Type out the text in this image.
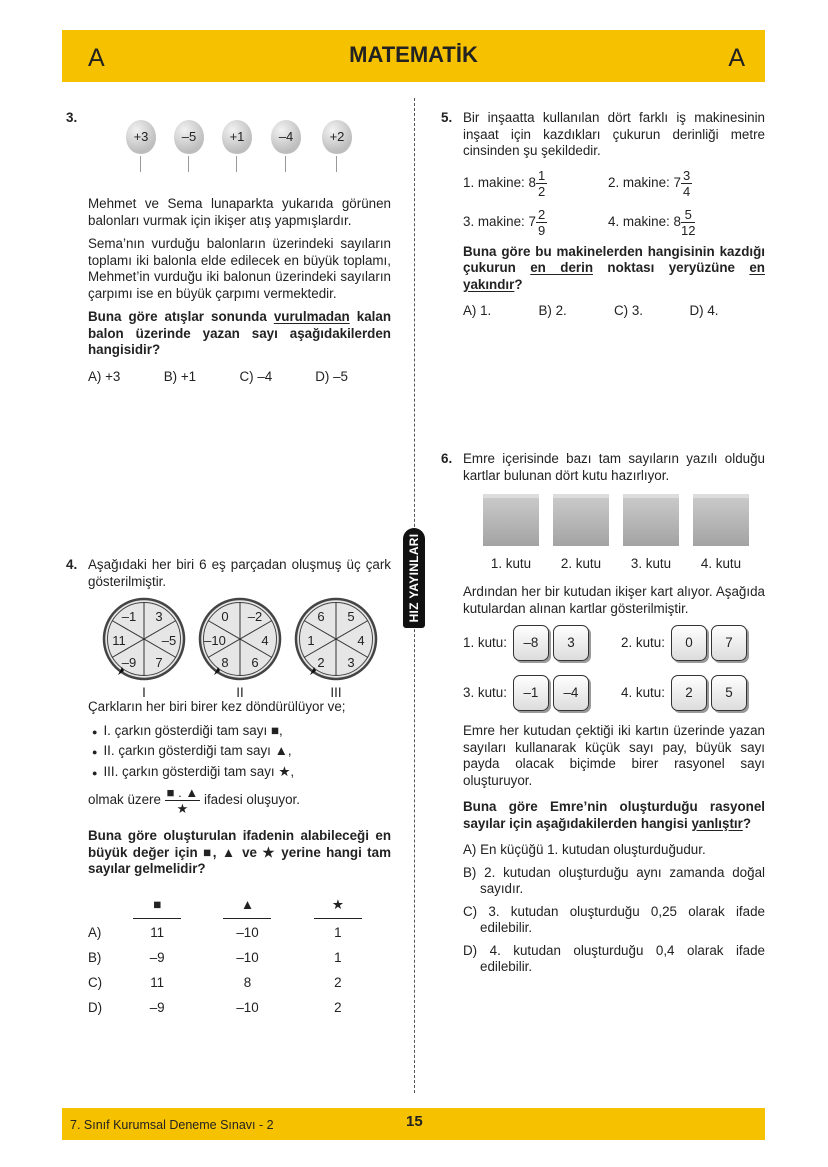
A	MATEMATİK	A
HIZ YAYINLARI
3.
+3	–5	+1	–4	+2

Mehmet ve Sema lunaparkta yukarıda görünen balonları vurmak için ikişer atış yapmışlardır.

Sema’nın vurduğu balonların üzerindeki sayıların toplamı iki balonla elde edilecek en büyük toplamı, Mehmet’in vurduğu iki balonun üzerindeki sayıların çarpımı ise en büyük çarpımı vermektedir.

Buna göre atışlar sonunda vurulmadan kalan balon üzerinde yazan sayı aşağıdakilerden hangisidir?

A) +3	B) +1	C) –4	D) –5
4. Aşağıdaki her biri 6 eş parçadan oluşmuş üç çark gösterilmiştir.

–1	3
11	–5
–9	7
I
0	–2
–10	4
8	6
II
6	5
1	4
2	3
III

Çarkların her biri birer kez döndürülüyor ve;

● I. çarkın gösterdiği tam sayı ■,
● II. çarkın gösterdiği tam sayı ▲,
● III. çarkın gösterdiği tam sayı ★,
olmak üzere $\frac{■ . ▲}{★}$ ifadesi oluşuyor.

Buna göre oluşturulan ifadenin alabileceği en büyük değer için ■, ▲ ve ★ yerine hangi tam sayılar gelmelidir?

	■	▲	★
A)	11	–10	1
B)	–9	–10	1
C)	11	8	2
D)	–9	–10	2
5. Bir inşaatta kullanılan dört farklı iş makinesinin inşaat için kazdıkları çukurun derinliği metre cinsinden şu şekildedir.

1. makine: $8 \frac{1}{2}$	2. makine: $7 \frac{3}{4}$
3. makine: $7 \frac{2}{9}$	4. makine: $8 \frac{5}{12}$

Buna göre bu makinelerden hangisinin kazdığı çukurun en derin noktası yeryüzüne en yakındır?

A) 1.	B) 2.	C) 3.	D) 4.
6. Emre içerisinde bazı tam sayıların yazılı olduğu kartlar bulunan dört kutu hazırlıyor.

1. kutu	2. kutu	3. kutu	4. kutu

Ardından her bir kutudan ikişer kart alıyor. Aşağıda kutulardan alınan kartlar gösterilmiştir.

1. kutu: –8 3	2. kutu: 0 7
3. kutu: –1 –4	4. kutu: 2 5

Emre her kutudan çektiği iki kartın üzerinde yazan sayıları kullanarak küçük sayı pay, büyük sayı payda olacak biçimde birer rasyonel sayı oluşturuyor.

Buna göre Emre’nin oluşturduğu rasyonel sayılar için aşağıdakilerden hangisi yanlıştır?

A) En küçüğü 1. kutudan oluşturduğudur.
B) 2. kutudan oluşturduğu aynı zamanda doğal sayıdır.
C) 3. kutudan oluşturduğu 0,25 olarak ifade edilebilir.
D) 4. kutudan oluşturduğu 0,4 olarak ifade edilebilir.
7. Sınıf Kurumsal Deneme Sınavı - 2	15
